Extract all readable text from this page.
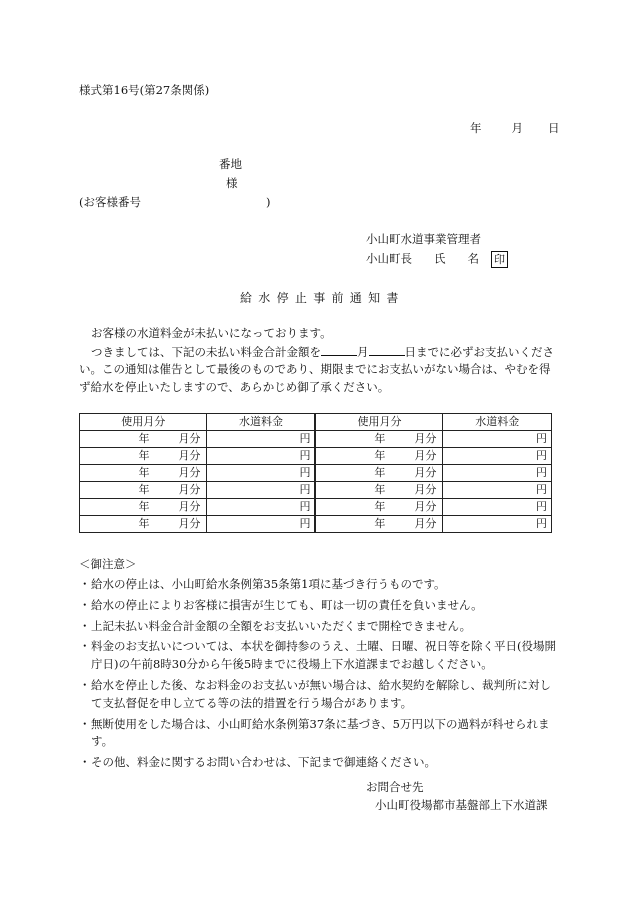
様式第16号(第27条関係)
年	月 日
番地
様
(お客様番号	)
小山町水道事業管理者
小山町長 氏 名 印
給水停止事前通知書
お客様の水道料金が未払いになっております。
つきましては、下記の未払い料金合計金額を	月	日までに必ずお支払いください。この通知は催告として最後のものであり、期限までにお支払いがない場合は、やむを得ず給水を停止いたしますので、あらかじめ御了承ください。
使用月分	水道料金	使用月分	水道料金
年 月分	円	年 月分	円
年 月分	円	年 月分	円
年 月分	円	年 月分	円
年 月分	円	年 月分	円
年 月分	円	年 月分	円
年 月分	円	年 月分	円
＜御注意＞
・ 給水の停止は、小山町給水条例第35条第1項に基づき行うものです。
・ 給水の停止によりお客様に損害が生じても、町は一切の責任を負いません。
・ 上記未払い料金合計金額の全額をお支払いいただくまで開栓できません。
・ 料金のお支払いについては、本状を御持参のうえ、土曜、日曜、祝日等を除く平日(役場開庁日)の午前8時30分から午後5時までに役場上下水道課までお越しください。
・ 給水を停止した後、なお料金のお支払いが無い場合は、給水契約を解除し、裁判所に対して支払督促を申し立てる等の法的措置を行う場合があります。
・ 無断使用をした場合は、小山町給水条例第37条に基づき、5万円以下の過料が科せられます。
・ その他、料金に関するお問い合わせは、下記まで御連絡ください。
お問合せ先
小山町役場都市基盤部上下水道課
